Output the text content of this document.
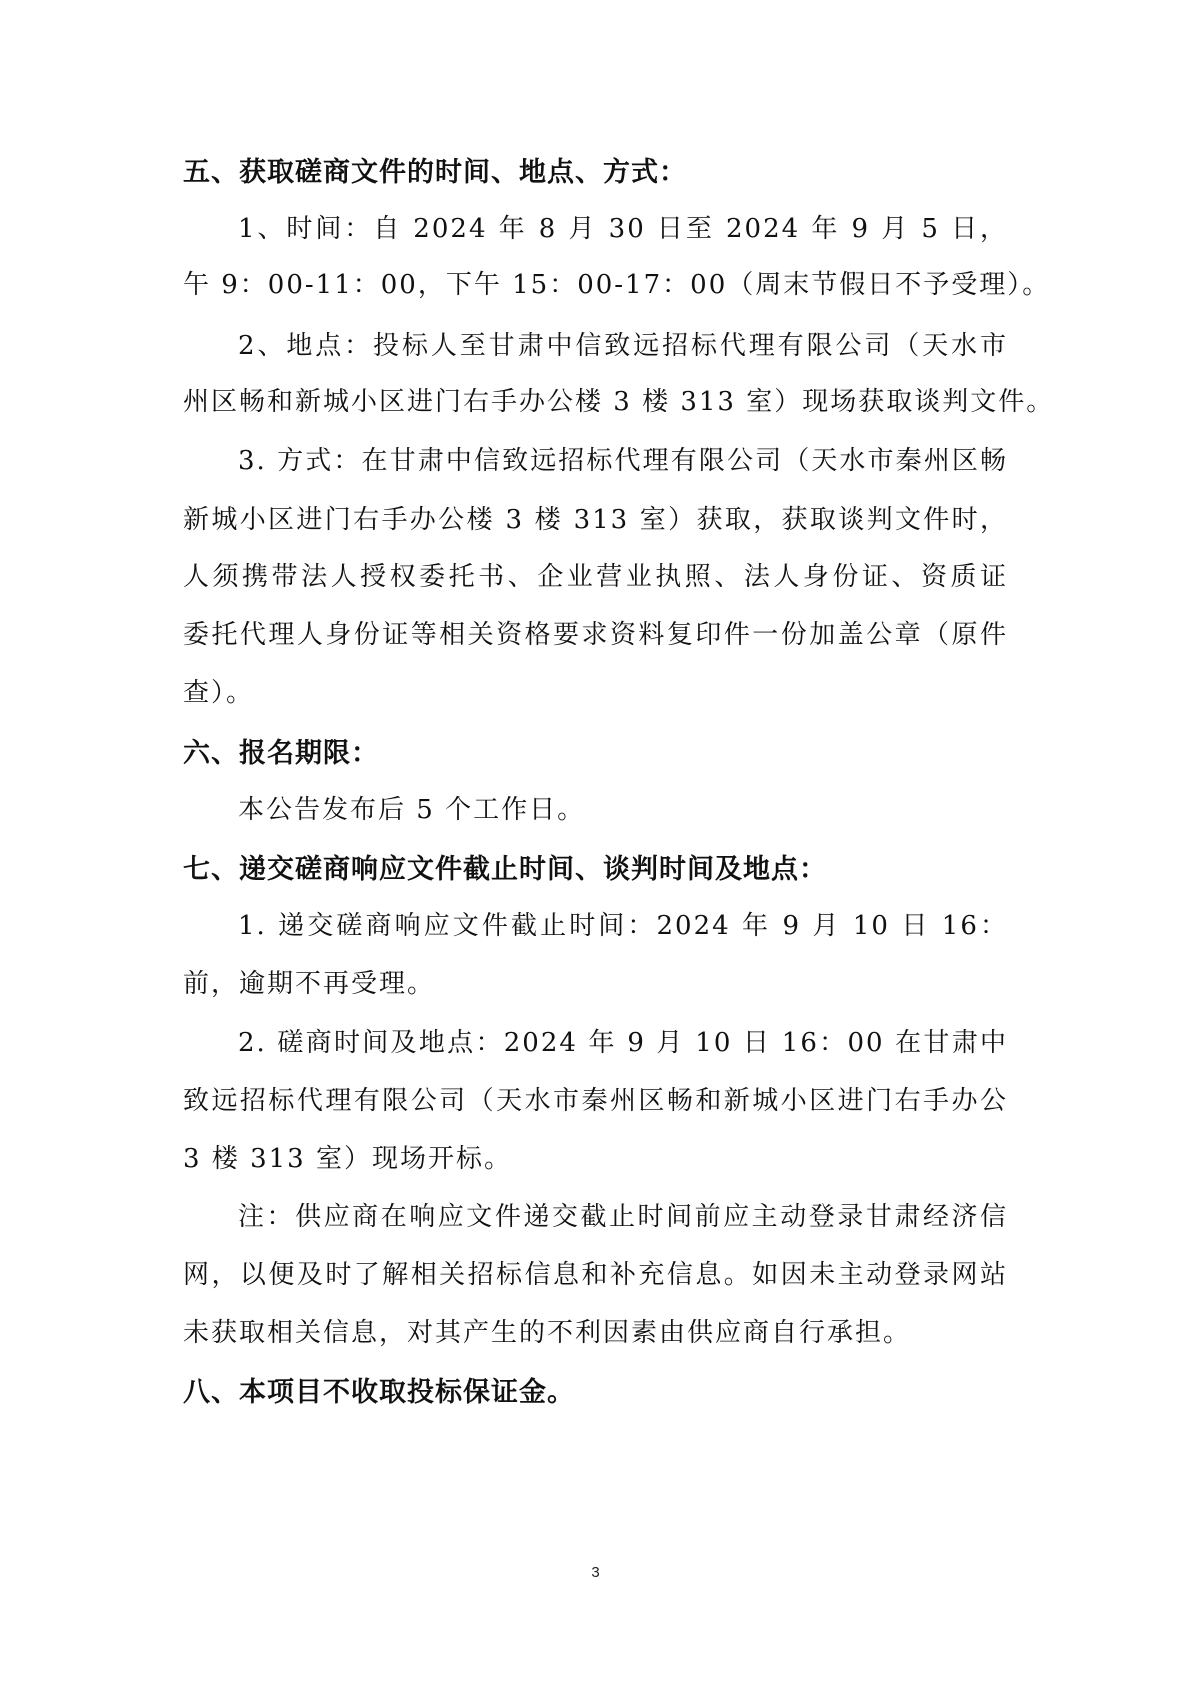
五、获取磋商文件的时间、地点、方式：
1、时间：自 2024 年 8 月 30 日至 2024 年 9 月 5 日，
午 9：00-11：00，下午 15：00-17：00（周末节假日不予受理）。
2、地点：投标人至甘肃中信致远招标代理有限公司（天水市
州区畅和新城小区进门右手办公楼 3 楼 313 室）现场获取谈判文件。
3. 方式：在甘肃中信致远招标代理有限公司（天水市秦州区畅
新城小区进门右手办公楼 3 楼 313 室）获取，获取谈判文件时，
人须携带法人授权委托书、企业营业执照、法人身份证、资质证
委托代理人身份证等相关资格要求资料复印件一份加盖公章（原件
查）。
六、报名期限：
本公告发布后 5 个工作日。
七、递交磋商响应文件截止时间、谈判时间及地点：
1. 递交磋商响应文件截止时间：2024 年 9 月 10 日 16：
前，逾期不再受理。
2. 磋商时间及地点：2024 年 9 月 10 日 16：00 在甘肃中
致远招标代理有限公司（天水市秦州区畅和新城小区进门右手办公
3 楼 313 室）现场开标。
注：供应商在响应文件递交截止时间前应主动登录甘肃经济信
网，以便及时了解相关招标信息和补充信息。如因未主动登录网站
未获取相关信息，对其产生的不利因素由供应商自行承担。
八、本项目不收取投标保证金。
3
